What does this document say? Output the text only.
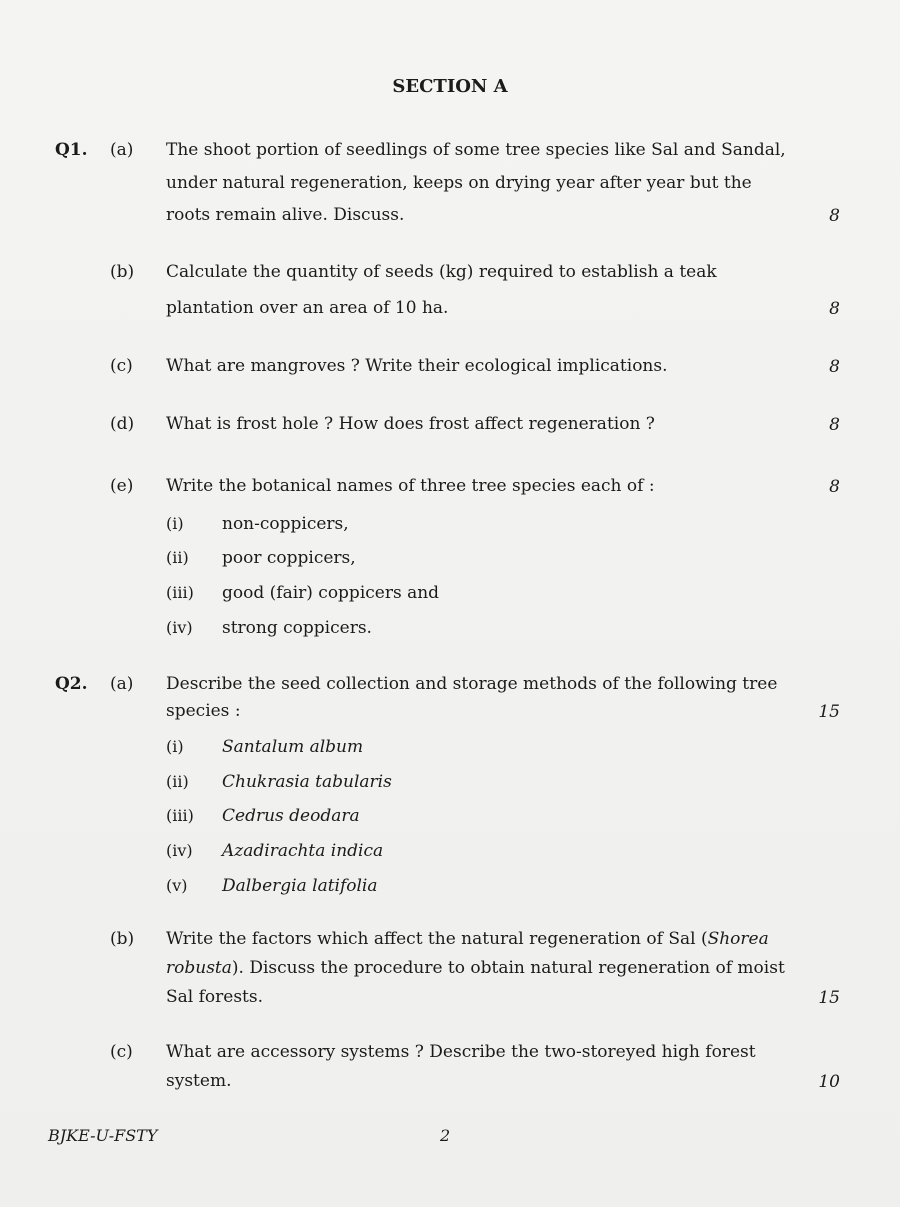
SECTION A
Q1. (a) The shoot portion of seedlings of some tree species like Sal and Sandal,
under natural regeneration, keeps on drying year after year but the
roots remain alive. Discuss.	8
(b) Calculate the quantity of seeds (kg) required to establish a teak
plantation over an area of 10 ha.	8
(c) What are mangroves ? Write their ecological implications.	8
(d) What is frost hole ? How does frost affect regeneration ?	8
(e) Write the botanical names of three tree species each of :	8
(i) non-coppicers,
(ii) poor coppicers,
(iii) good (fair) coppicers and
(iv) strong coppicers.
Q2. (a) Describe the seed collection and storage methods of the following tree
species :	15
(i) Santalum album
(ii) Chukrasia tabularis
(iii) Cedrus deodara
(iv) Azadirachta indica
(v) Dalbergia latifolia
(b) Write the factors which affect the natural regeneration of Sal (Shorea
robusta). Discuss the procedure to obtain natural regeneration of moist
Sal forests.	15
(c) What are accessory systems ? Describe the two-storeyed high forest
system.	10
BJKE-U-FSTY	2
